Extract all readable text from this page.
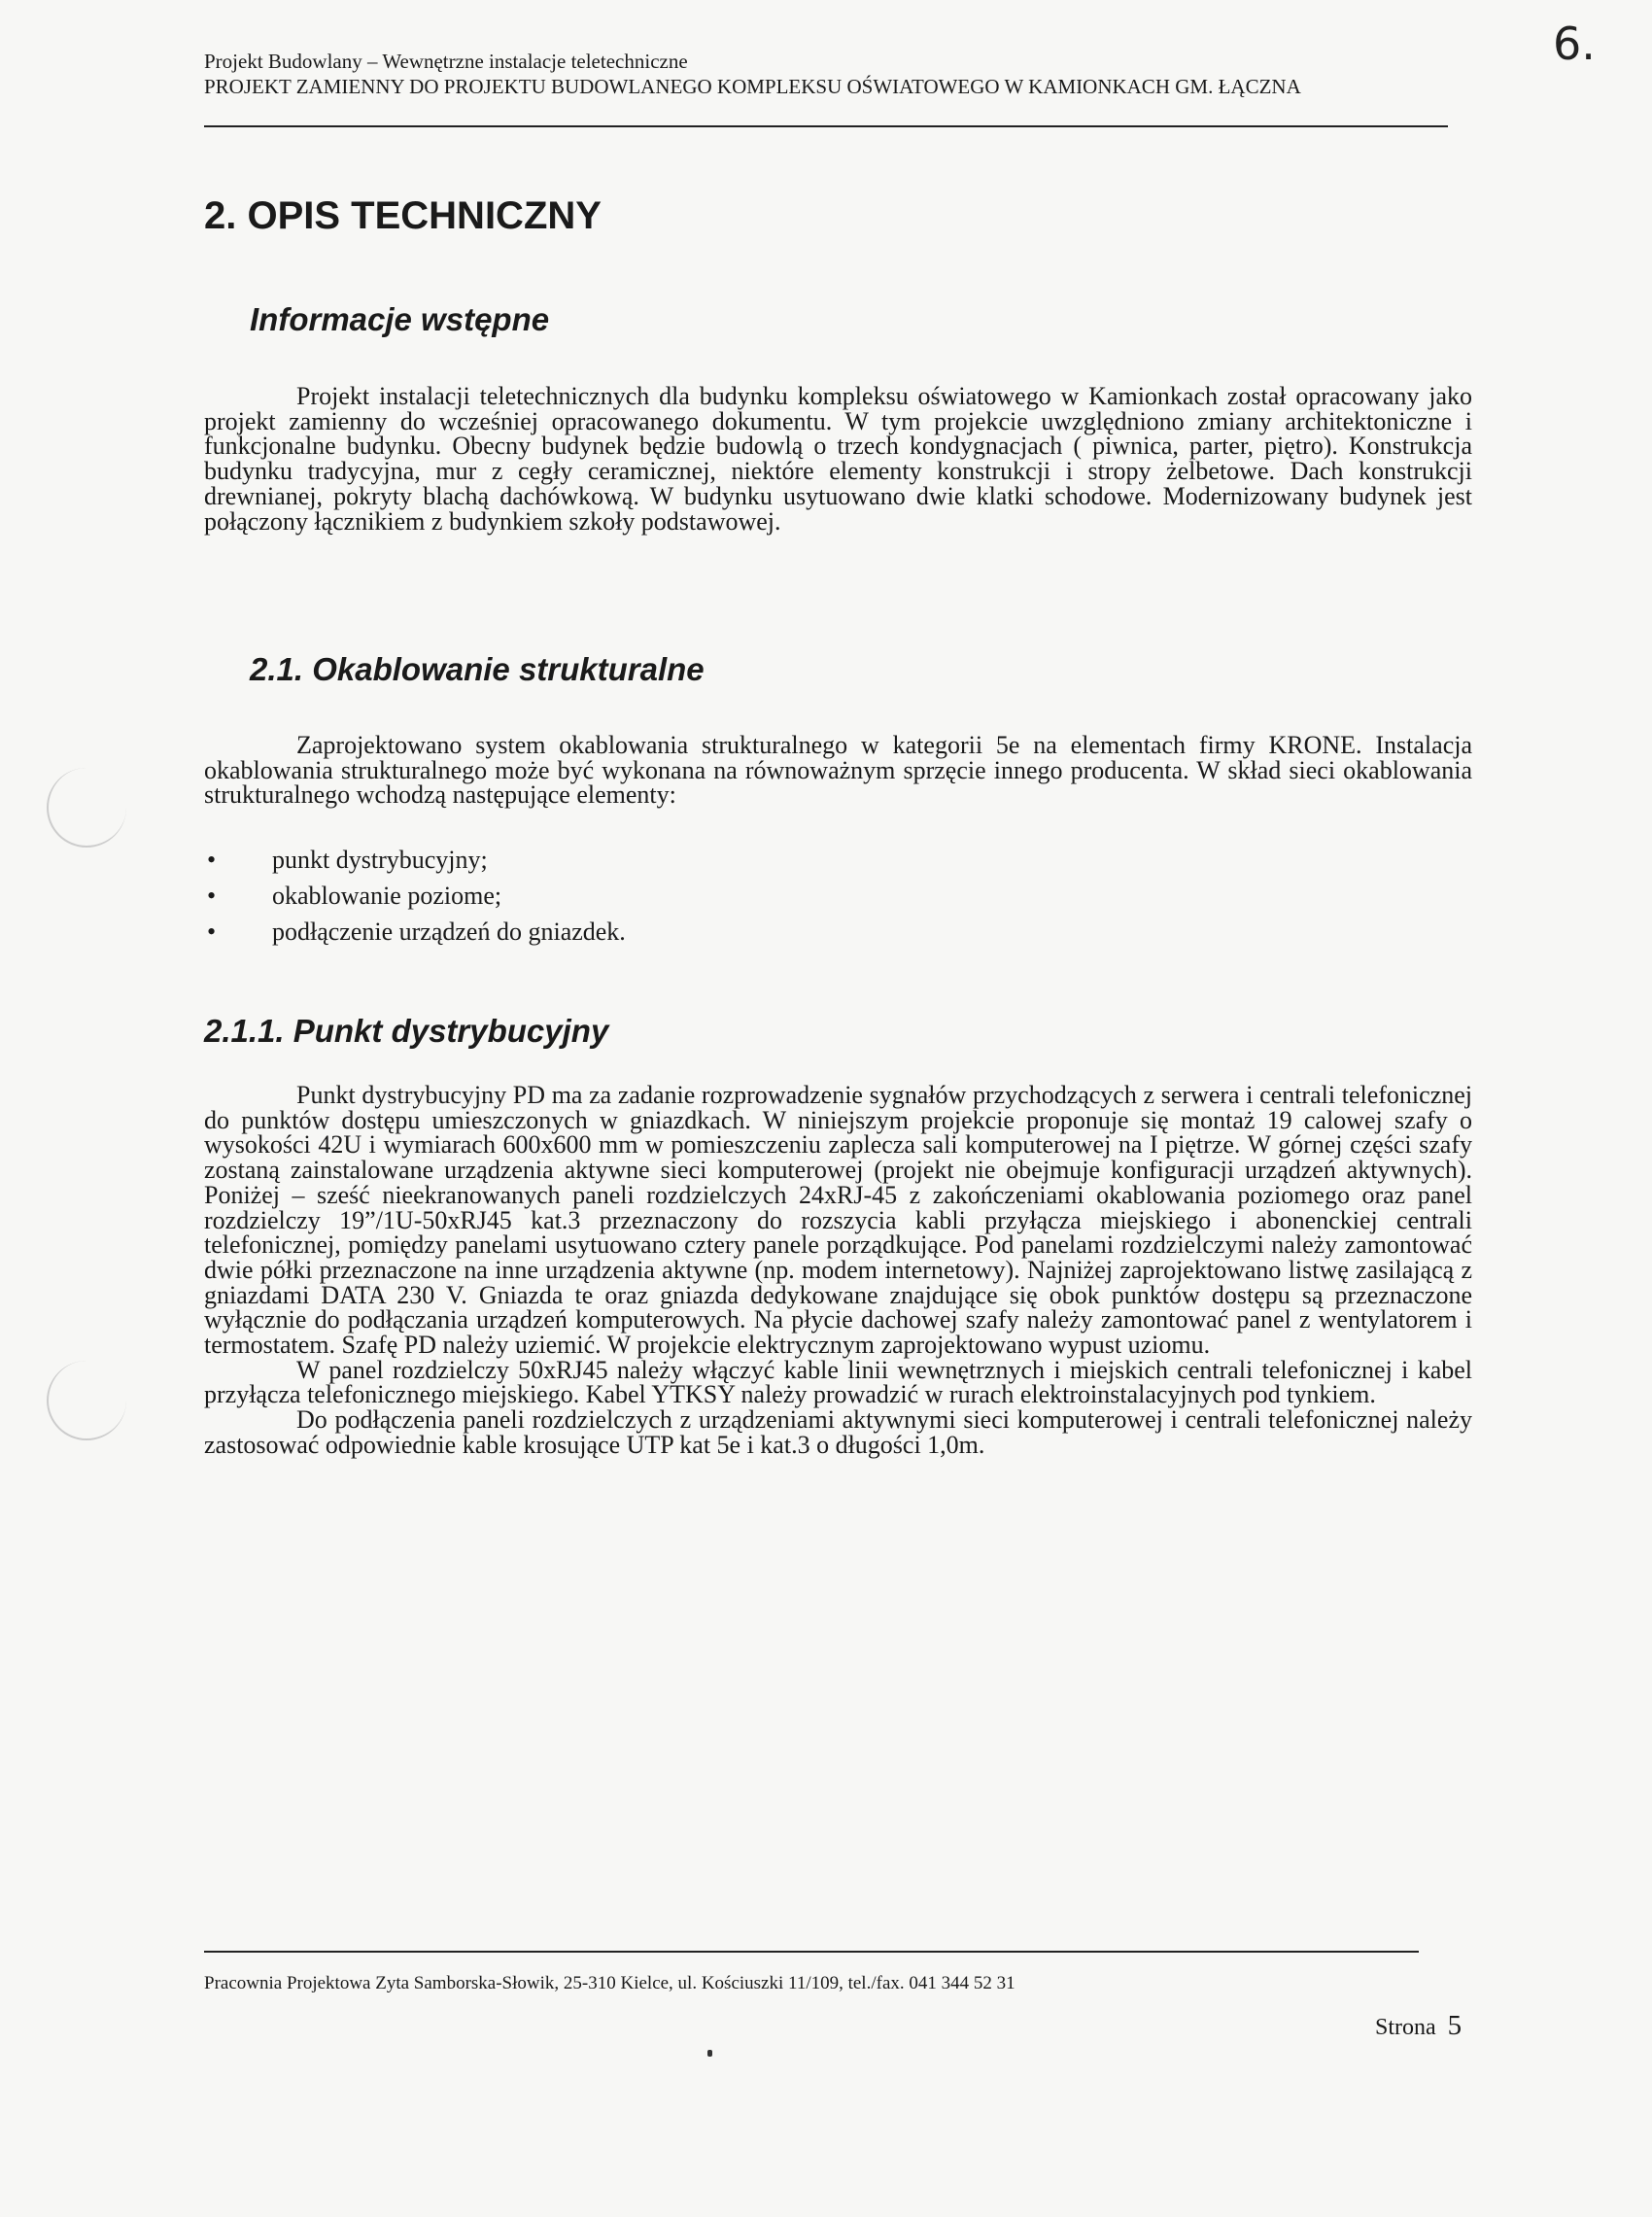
Projekt Budowlany – Wewnętrzne instalacje teletechniczne
PROJEKT ZAMIENNY DO PROJEKTU BUDOWLANEGO KOMPLEKSU OŚWIATOWEGO W KAMIONKACH GM. ŁĄCZNA
6.
2. OPIS TECHNICZNY
Informacje wstępne

Projekt instalacji teletechnicznych dla budynku kompleksu oświatowego w Kamionkach został opracowany jako projekt zamienny do wcześniej opracowanego dokumentu. W tym projekcie uwzględniono zmiany architektoniczne i funkcjonalne budynku. Obecny budynek będzie budowlą o trzech kondygnacjach ( piwnica, parter, piętro). Konstrukcja budynku tradycyjna, mur z cegły ceramicznej, niektóre elementy konstrukcji i stropy żelbetowe. Dach konstrukcji drewnianej, pokryty blachą dachówkową. W budynku usytuowano dwie klatki schodowe. Modernizowany budynek jest połączony łącznikiem z budynkiem szkoły podstawowej.

2.1. Okablowanie strukturalne

Zaprojektowano system okablowania strukturalnego w kategorii 5e na elementach firmy KRONE. Instalacja okablowania strukturalnego może być wykonana na równoważnym sprzęcie innego producenta. W skład sieci okablowania strukturalnego wchodzą następujące elementy:

• punkt dystrybucyjny;
• okablowanie poziome;
• podłączenie urządzeń do gniazdek.
2.1.1. Punkt dystrybucyjny

Punkt dystrybucyjny PD ma za zadanie rozprowadzenie sygnałów przychodzących z serwera i centrali telefonicznej do punktów dostępu umieszczonych w gniazdkach. W niniejszym projekcie proponuje się montaż 19 calowej szafy o wysokości 42U i wymiarach 600x600 mm w pomieszczeniu zaplecza sali komputerowej na I piętrze. W górnej części szafy zostaną zainstalowane urządzenia aktywne sieci komputerowej (projekt nie obejmuje konfiguracji urządzeń aktywnych). Poniżej – sześć nieekranowanych paneli rozdzielczych 24xRJ-45 z zakończeniami okablowania poziomego oraz panel rozdzielczy 19”/1U-50xRJ45 kat.3 przeznaczony do rozszycia kabli przyłącza miejskiego i abonenckiej centrali telefonicznej, pomiędzy panelami usytuowano cztery panele porządkujące. Pod panelami rozdzielczymi należy zamontować dwie półki przeznaczone na inne urządzenia aktywne (np. modem internetowy). Najniżej zaprojektowano listwę zasilającą z gniazdami DATA 230 V. Gniazda te oraz gniazda dedykowane znajdujące się obok punktów dostępu są przeznaczone wyłącznie do podłączania urządzeń komputerowych. Na płycie dachowej szafy należy zamontować panel z wentylatorem i termostatem. Szafę PD należy uziemić. W projekcie elektrycznym zaprojektowano wypust uziomu.

W panel rozdzielczy 50xRJ45 należy włączyć kable linii wewnętrznych i miejskich centrali telefonicznej i kabel przyłącza telefonicznego miejskiego. Kabel YTKSY należy prowadzić w rurach elektroinstalacyjnych pod tynkiem.

Do podłączenia paneli rozdzielczych z urządzeniami aktywnymi sieci komputerowej i centrali telefonicznej należy zastosować odpowiednie kable krosujące UTP kat 5e i kat.3 o długości 1,0m.

Pracownia Projektowa Zyta Samborska-Słowik, 25-310 Kielce, ul. Kościuszki 11/109, tel./fax. 041 344 52 31
Strona 5
